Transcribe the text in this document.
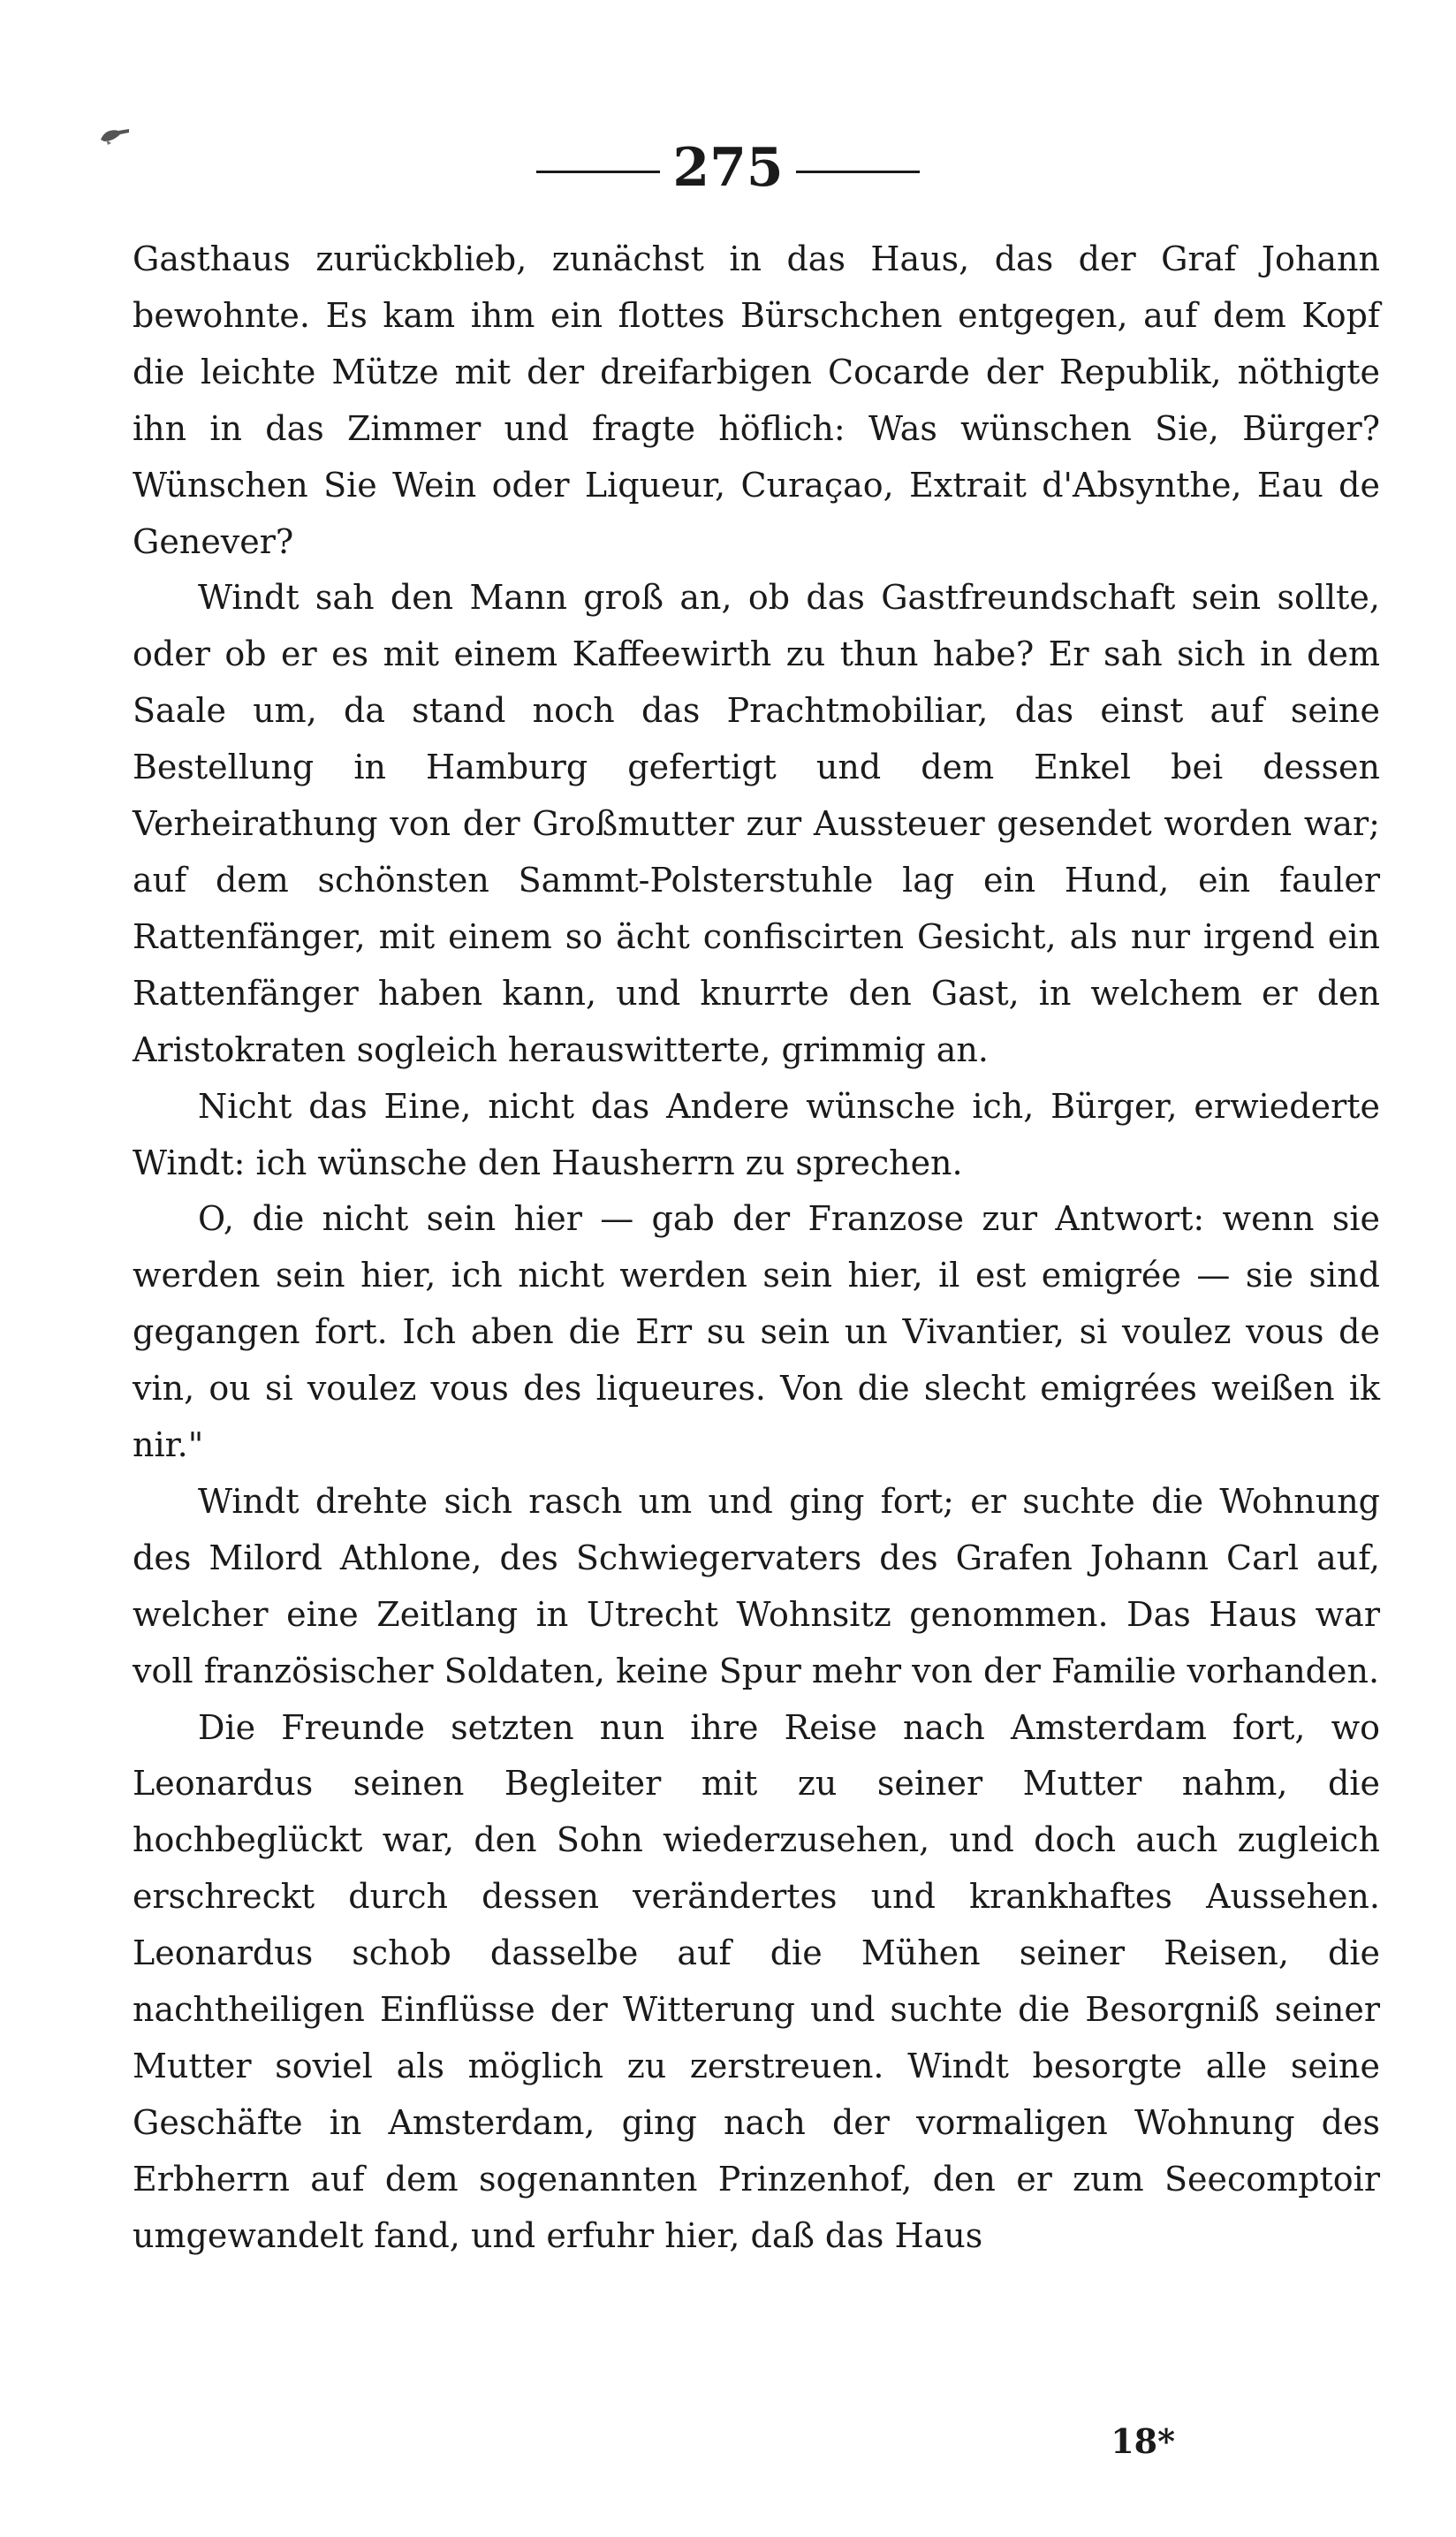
275

Gasthaus zurückblieb, zunächst in das Haus, das der Graf Johann bewohnte. Es kam ihm ein flottes Bürschchen entgegen, auf dem Kopf die leichte Mütze mit der dreifarbigen Cocarde der Republik, nöthigte ihn in das Zimmer und fragte höflich: Was wünschen Sie, Bürger? Wünschen Sie Wein oder Liqueur, Curaçao, Extrait d'Absynthe, Eau de Genever?

Windt sah den Mann groß an, ob das Gastfreundschaft sein sollte, oder ob er es mit einem Kaffeewirth zu thun habe? Er sah sich in dem Saale um, da stand noch das Prachtmobiliar, das einst auf seine Bestellung in Hamburg gefertigt und dem Enkel bei dessen Verheirathung von der Großmutter zur Aussteuer gesendet worden war; auf dem schönsten Sammt-Polsterstuhle lag ein Hund, ein fauler Rattenfänger, mit einem so ächt confiscirten Gesicht, als nur irgend ein Rattenfänger haben kann, und knurrte den Gast, in welchem er den Aristokraten sogleich herauswitterte, grimmig an.

Nicht das Eine, nicht das Andere wünsche ich, Bürger, erwiederte Windt: ich wünsche den Hausherrn zu sprechen.

O, die nicht sein hier — gab der Franzose zur Antwort: wenn sie werden sein hier, ich nicht werden sein hier, il est emigrée — sie sind gegangen fort. Ich aben die Err su sein un Vivantier, si voulez vous de vin, ou si voulez vous des liqueures. Von die slecht emigrées weißen ik nir."

Windt drehte sich rasch um und ging fort; er suchte die Wohnung des Milord Athlone, des Schwiegervaters des Grafen Johann Carl auf, welcher eine Zeitlang in Utrecht Wohnsitz genommen. Das Haus war voll französischer Soldaten, keine Spur mehr von der Familie vorhanden.

Die Freunde setzten nun ihre Reise nach Amsterdam fort, wo Leonardus seinen Begleiter mit zu seiner Mutter nahm, die hochbeglückt war, den Sohn wiederzusehen, und doch auch zugleich erschreckt durch dessen verändertes und krankhaftes Aussehen. Leonardus schob dasselbe auf die Mühen seiner Reisen, die nachtheiligen Einflüsse der Witterung und suchte die Besorgniß seiner Mutter soviel als möglich zu zerstreuen. Windt besorgte alle seine Geschäfte in Amsterdam, ging nach der vormaligen Wohnung des Erbherrn auf dem sogenannten Prinzenhof, den er zum Seecomptoir umgewandelt fand, und erfuhr hier, daß das Haus

18*
